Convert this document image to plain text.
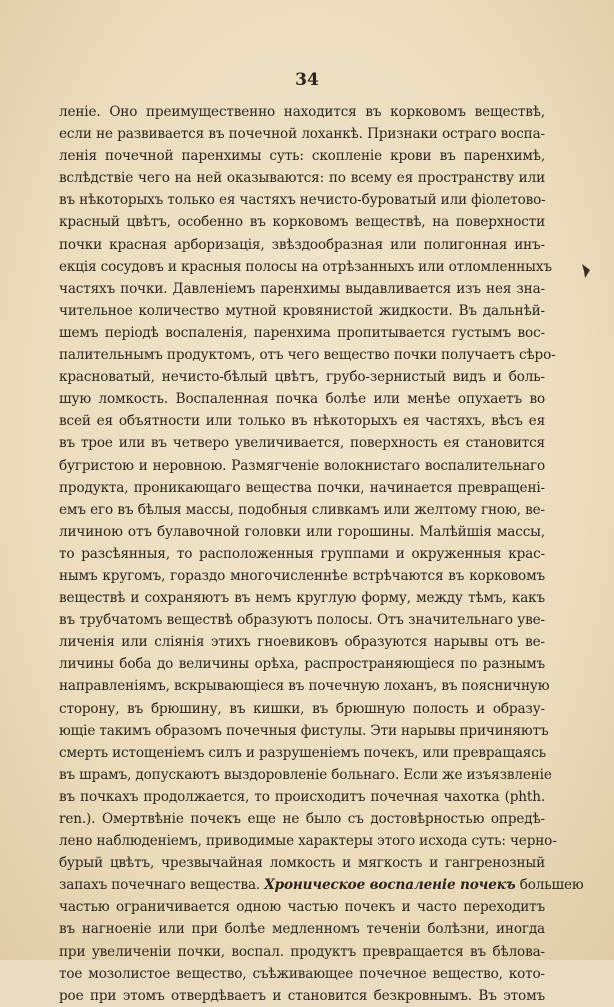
34
леніе. Оно преимущественно находится въ корковомъ веществѣ,
если не развивается въ почечной лоханкѣ. Признаки остраго воспа-
ленія почечной паренхимы суть: скопленіе крови въ паренхимѣ,
вслѣдствіе чего на ней оказываются: по всему ея пространству или
въ нѣкоторыхъ только ея частяхъ нечисто-буроватый или фіолетово-
красный цвѣтъ, особенно въ корковомъ веществѣ, на поверхности
почки красная арборизація, звѣздообразная или полигонная инъ-
екція сосудовъ и красныя полосы на отрѣзанныхъ или отломленныхъ
частяхъ почки. Давленіемъ паренхимы выдавливается изъ нея зна-
чительное количество мутной кровянистой жидкости. Въ дальнѣй-
шемъ періодѣ воспаленія, паренхима пропитывается густымъ вос-
палительнымъ продуктомъ, отъ чего вещество почки получаетъ сѣро-
красноватый, нечисто-бѣлый цвѣтъ, грубо-зернистый видъ и боль-
шую ломкость. Воспаленная почка болѣе или менѣе опухаетъ во
всей ея объятности или только въ нѣкоторыхъ ея частяхъ, вѣсъ ея
въ трое или въ четверо увеличивается, поверхность ея становится
бугристою и неровною. Размягченіе волокнистаго воспалительнаго
продукта, проникающаго вещества почки, начинается превращені-
емъ его въ бѣлыя массы, подобныя сливкамъ или желтому гною, ве-
личиною отъ булавочной головки или горошины. Малѣйшія массы,
то разсѣянныя, то расположенныя группами и окруженныя крас-
нымъ кругомъ, гораздо многочисленнѣе встрѣчаются въ корковомъ
веществѣ и сохраняютъ въ немъ круглую форму, между тѣмъ, какъ
въ трубчатомъ веществѣ образуютъ полосы. Отъ значительнаго уве-
личенія или сліянія этихъ гноевиковъ образуются нарывы отъ ве-
личины боба до величины орѣха, распространяющіеся по разнымъ
направленіямъ, вскрывающіеся въ почечную лоханъ, въ поясничную
сторону, въ брюшину, въ кишки, въ брюшную полость и образу-
ющіе такимъ образомъ почечныя фистулы. Эти нарывы причиняютъ
смерть истощеніемъ силъ и разрушеніемъ почекъ, или превращаясь
въ шрамъ, допускаютъ выздоровленіе больнаго. Если же изъязвленіе
въ почкахъ продолжается, то происходитъ почечная чахотка (phth.
ren.). Омертвѣніе почекъ еще не было съ достовѣрностью опредѣ-
лено наблюденіемъ, приводимые характеры этого исхода суть: черно-
бурый цвѣтъ, чрезвычайная ломкость и мягкость и гангренозный
запахъ почечнаго вещества. Хроническое воспаленіе почекъ большею
частью ограничивается одною частью почекъ и часто переходитъ
въ нагноеніе или при болѣе медленномъ теченіи болѣзни, иногда
при увеличеніи почки, воспал. продуктъ превращается въ бѣлова-
тое мозолистое вещество, съѣживающее почечное вещество, кото-
рое при этомъ отвердѣваетъ и становится безкровнымъ. Въ этомъ
